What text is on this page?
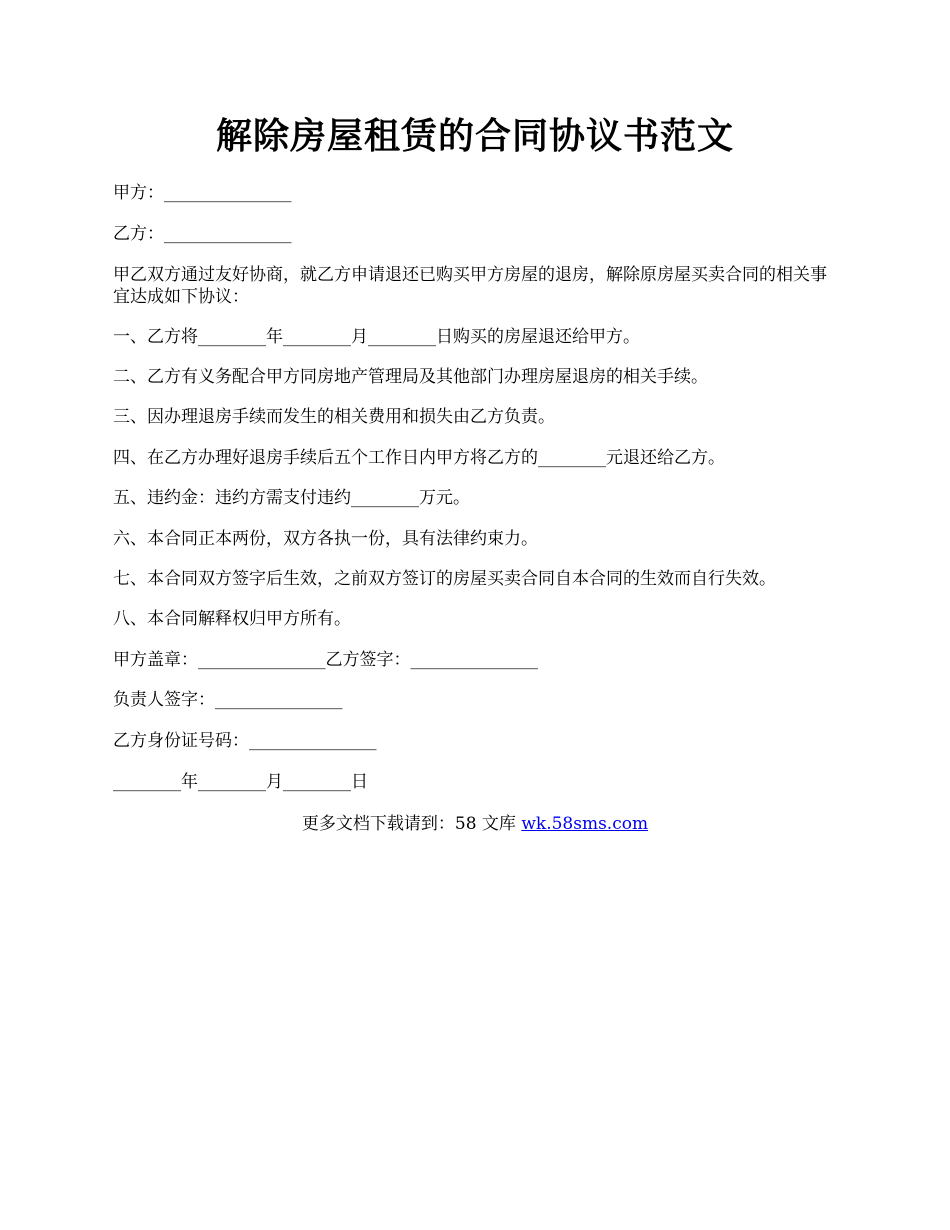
解除房屋租赁的合同协议书范文
甲方：_______________
乙方：_______________
甲乙双方通过友好协商，就乙方申请退还已购买甲方房屋的退房，解除原房屋买卖合同的相关事宜达成如下协议：
一、乙方将________年________月________日购买的房屋退还给甲方。
二、乙方有义务配合甲方同房地产管理局及其他部门办理房屋退房的相关手续。
三、因办理退房手续而发生的相关费用和损失由乙方负责。
四、在乙方办理好退房手续后五个工作日内甲方将乙方的________元退还给乙方。
五、违约金：违约方需支付违约________万元。
六、本合同正本两份，双方各执一份，具有法律约束力。
七、本合同双方签字后生效，之前双方签订的房屋买卖合同自本合同的生效而自行失效。
八、本合同解释权归甲方所有。
甲方盖章：_______________乙方签字：_______________
负责人签字：_______________
乙方身份证号码：_______________
________年________月________日
更多文档下载请到：58 文库 wk.58sms.com
